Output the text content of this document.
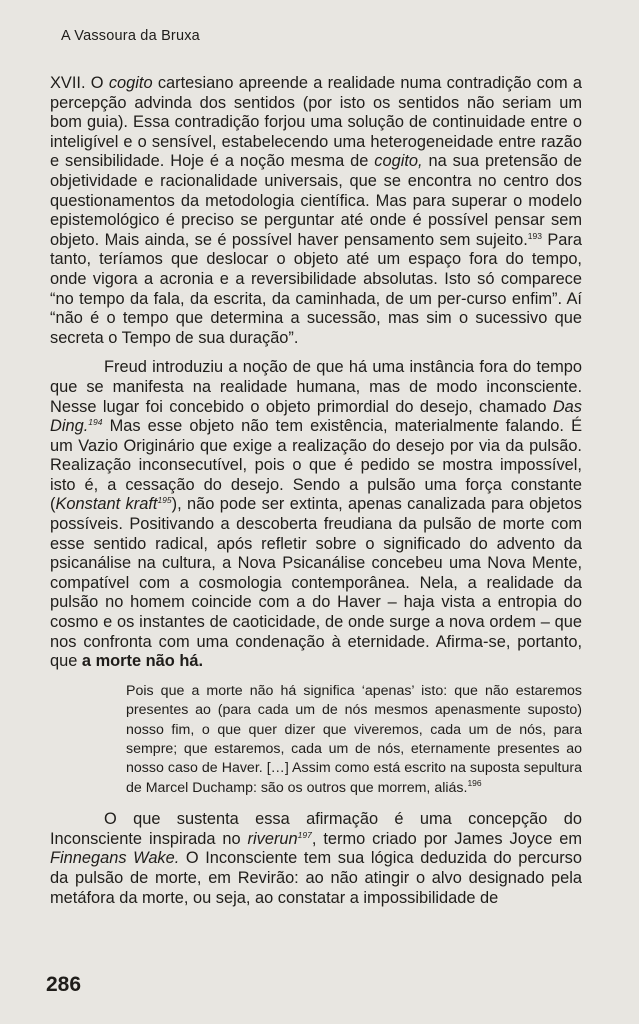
A Vassoura da Bruxa

XVII. O cogito cartesiano apreende a realidade numa contradição com a percepção advinda dos sentidos (por isto os sentidos não seriam um bom guia). Essa contradição forjou uma solução de continuidade entre o inteligível e o sensível, estabelecendo uma heterogeneidade entre razão e sensibilidade. Hoje é a noção mesma de cogito, na sua pretensão de objetividade e racionalidade universais, que se encontra no centro dos questionamentos da metodologia científica. Mas para superar o modelo epistemológico é preciso se perguntar até onde é possível pensar sem objeto. Mais ainda, se é possível haver pensamento sem sujeito.$^{193}$ Para tanto, teríamos que deslocar o objeto até um espaço fora do tempo, onde vigora a acronia e a reversibilidade absolutas. Isto só comparece “no tempo da fala, da escrita, da caminhada, de um per-curso enfim”. Aí “não é o tempo que determina a sucessão, mas sim o sucessivo que secreta o Tempo de sua duração”.

Freud introduziu a noção de que há uma instância fora do tempo que se manifesta na realidade humana, mas de modo inconsciente. Nesse lugar foi concebido o objeto primordial do desejo, chamado Das Ding.$^{194}$ Mas esse objeto não tem existência, materialmente falando. É um Vazio Originário que exige a realização do desejo por via da pulsão. Realização inconsecutível, pois o que é pedido se mostra impossível, isto é, a cessação do desejo. Sendo a pulsão uma força constante (Konstant kraft$^{195}$), não pode ser extinta, apenas canalizada para objetos possíveis. Positivando a descoberta freudiana da pulsão de morte com esse sentido radical, após refletir sobre o significado do advento da psicanálise na cultura, a Nova Psicanálise concebeu uma Nova Mente, compatível com a cosmologia contemporânea. Nela, a realidade da pulsão no homem coincide com a do Haver – haja vista a entropia do cosmo e os instantes de caoticidade, de onde surge a nova ordem – que nos confronta com uma condenação à eternidade. Afirma-se, portanto, que a morte não há.

Pois que a morte não há significa ‘apenas’ isto: que não estaremos presentes ao (para cada um de nós mesmos apenasmente suposto) nosso fim, o que quer dizer que viveremos, cada um de nós, para sempre; que estaremos, cada um de nós, eternamente presentes ao nosso caso de Haver. […] Assim como está escrito na suposta sepultura de Marcel Duchamp: são os outros que morrem, aliás.$^{196}$

O que sustenta essa afirmação é uma concepção do Inconsciente inspirada no riverun$^{197}$, termo criado por James Joyce em Finnegans Wake. O Inconsciente tem sua lógica deduzida do percurso da pulsão de morte, em Revirão: ao não atingir o alvo designado pela metáfora da morte, ou seja, ao constatar a impossibilidade de

286
